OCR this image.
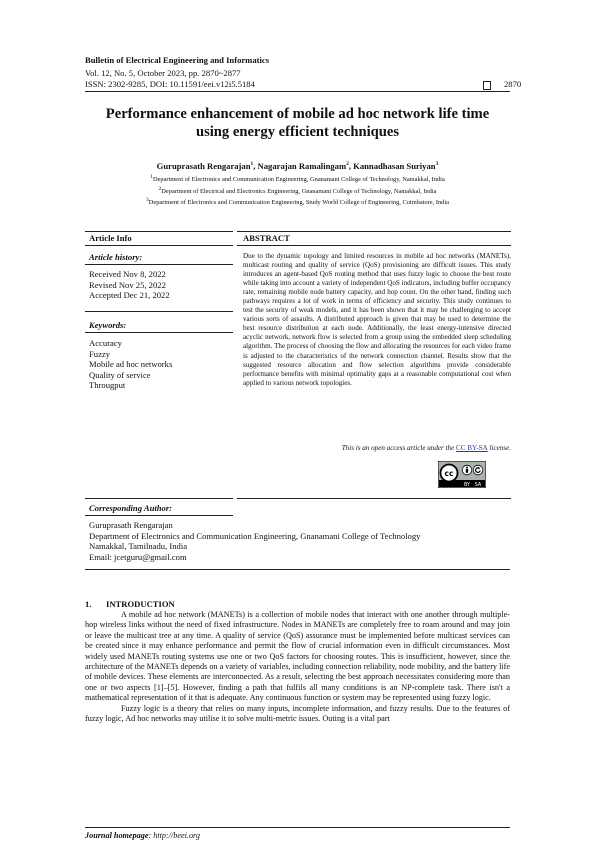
Bulletin of Electrical Engineering and Informatics
Vol. 12, No. 5, October 2023, pp. 2870~2877
ISSN: 2302-9285, DOI: 10.11591/eei.v12i5.5184	2870
Performance enhancement of mobile ad hoc network life time
using energy efficient techniques
Guruprasath Rengarajan$^1$, Nagarajan Ramalingam$^2$, Kannadhasan Suriyan$^3$
$^1$Department of Electronics and Communication Engineering, Gnanamani College of Technology, Namakkal, India
$^2$Department of Electrical and Electronics Engineering, Gnanamani College of Technology, Namakkal, India
$^3$Department of Electronics and Communication Engineering, Study World College of Engineering, Coimbatore, India
Article Info	ABSTRACT
Article history:
Received Nov 8, 2022
Revised Nov 25, 2022
Accepted Dec 21, 2022
Keywords:
Accuracy
Fuzzy
Mobile ad hoc networks
Quality of service
Througput
Due to the dynamic topology and limited resources in mobile ad hoc networks (MANETs), multicast routing and quality of service (QoS) provisioning are difficult issues. This study introduces an agent-based QoS routing method that uses fuzzy logic to choose the best route while taking into account a variety of independent QoS indicators, including buffer occupancy rate, remaining mobile node battery capacity, and hop count. On the other hand, finding such pathways requires a lot of work in terms of efficiency and security. This study continues to test the security of weak models, and it has been shown that it may be challenging to accept various sorts of assaults. A distributed approach is given that may be used to determine the best resource distribution at each node. Additionally, the least energy-intensive directed acyclic network, network flow is selected from a group using the embedded sleep scheduling algorithm. The process of choosing the flow and allocating the resources for each video frame is adjusted to the characteristics of the network connection channel. Results show that the suggested resource allocation and flow selection algorithms provide considerable performance benefits with minimal optimality gaps at a reasonable computational cost when applied to various network topologies.
This is an open access article under the CC BY-SA license.
cc
BY SA
Corresponding Author:
Guruprasath Rengarajan
Department of Electronics and Communication Engineering, Gnanamani College of Technology
Namakkal, Tamilnadu, India
Email: jcetguru@gmail.com
1. INTRODUCTION

A mobile ad hoc network (MANETs) is a collection of mobile nodes that interact with one another through multiple-hop wireless links without the need of fixed infrastructure. Nodes in MANETs are completely free to roam around and may join or leave the multicast tree at any time. A quality of service (QoS) assurance must be implemented before multicast services can be created since it may enhance performance and permit the flow of crucial information even in difficult circumstances. Most widely used MANETs routing systems use one or two QoS factors for choosing routes. This is insufficient, however, since the architecture of the MANETs depends on a variety of variables, including connection reliability, node mobility, and the battery life of mobile devices. These elements are interconnected. As a result, selecting the best approach necessitates considering more than one or two aspects [1]–[5]. However, finding a path that fulfils all many conditions is an NP-complete task. There isn't a mathematical representation of it that is adequate. Any continuous function or system may be represented using fuzzy logic.

Fuzzy logic is a theory that relies on many inputs, incomplete information, and fuzzy results. Due to the features of fuzzy logic, Ad hoc networks may utilise it to solve multi-metric issues. Outing is a vital part

Journal homepage: http://beei.org
